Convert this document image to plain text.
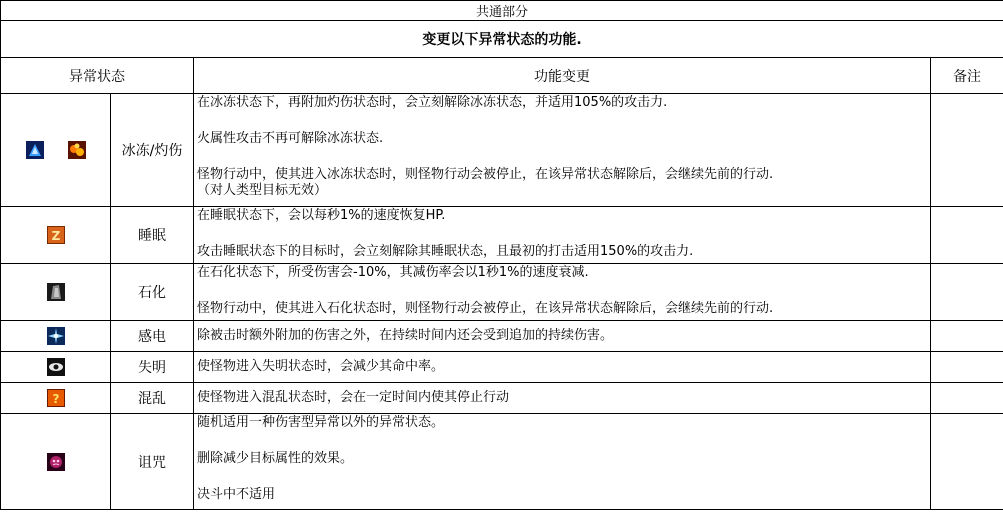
共通部分			
变更以下异常状态的功能.			
异常状态		功能变更	备注

	冰冻/灼伤	在冰冻状态下，再附加灼伤状态时，会立刻解除冰冻状态，并适用105%的攻击力.

火属性攻击不再可解除冰冻状态.

怪物行动中，使其进入冰冻状态时，则怪物行动会被停止，在该异常状态解除后，会继续先前的行动.

（对人类型目标无效）	

Z	睡眠	在睡眠状态下，会以每秒1%的速度恢复HP.

攻击睡眠状态下的目标时，会立刻解除其睡眠状态，且最初的打击适用150%的攻击力.	

	石化	在石化状态下，所受伤害会-10%，其减伤率会以1秒1%的速度衰减.

怪物行动中，使其进入石化状态时，则怪物行动会被停止，在该异常状态解除后，会继续先前的行动.	

	感电	除被击时额外附加的伤害之外，在持续时间内还会受到追加的持续伤害。	

	失明	使怪物进入失明状态时，会减少其命中率。	

?	混乱	使怪物进入混乱状态时，会在一定时间内使其停止行动	

	诅咒	随机适用一种伤害型异常以外的异常状态。

删除减少目标属性的效果。

决斗中不适用	
